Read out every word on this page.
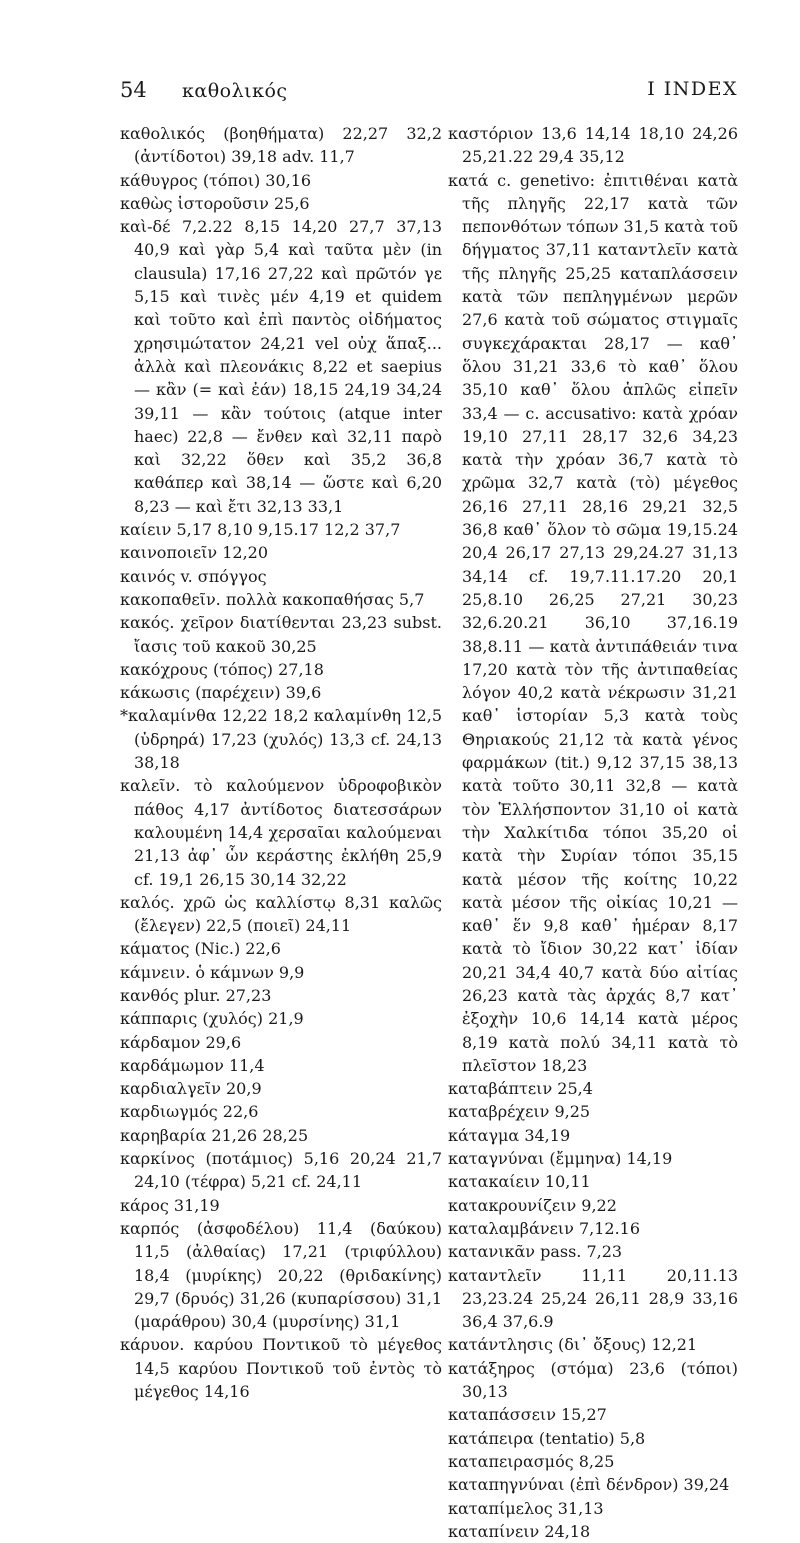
54 καθολικός	I INDEX

καθολικός (βοηθήματα) 22,27 32,2 (ἀντίδοτοι) 39,18 adv. 11,7

κάθυγρος (τόποι) 30,16

καθὼς ἱστοροῦσιν 25,6

καὶ-δέ 7,2.22 8,15 14,20 27,7 37,13 40,9 καὶ γὰρ 5,4 καὶ ταῦτα μὲν (in clausula) 17,16 27,22 καὶ πρῶτόν γε 5,15 καὶ τινὲς μέν 4,19 et quidem καὶ τοῦτο καὶ ἐπὶ παντὸς οἰδήματος χρησιμώτατον 24,21 vel οὐχ ἅπαξ... ἀλλὰ καὶ πλεονάκις 8,22 et saepius — κἂν (= καὶ ἐάν) 18,15 24,19 34,24 39,11 — κἂν τούτοις (atque inter haec) 22,8 — ἔνθεν καὶ 32,11 παρὸ καὶ 32,22 ὅθεν καὶ 35,2 36,8 καθάπερ καὶ 38,14 — ὥστε καὶ 6,20 8,23 — καὶ ἔτι 32,13 33,1

καίειν 5,17 8,10 9,15.17 12,2 37,7

καινοποιεῖν 12,20

καινός v. σπόγγος

κακοπαθεῖν. πολλὰ κακοπαθήσας 5,7

κακός. χεῖρον διατίθενται 23,23 subst. ἴασις τοῦ κακοῦ 30,25

κακόχρους (τόπος) 27,18

κάκωσις (παρέχειν) 39,6

*καλαμίνθα 12,22 18,2 καλαμίνθη 12,5 (ὑδρηρά) 17,23 (χυλός) 13,3 cf. 24,13 38,18

καλεῖν. τὸ καλούμενον ὑδροφοβικὸν πάθος 4,17 ἀντίδοτος διατεσσάρων καλουμένη 14,4 χερσαῖαι καλούμεναι 21,13 ἀφ᾽ ὧν κεράστης ἐκλήθη 25,9 cf. 19,1 26,15 30,14 32,22

καλός. χρῶ ὡς καλλίστῳ 8,31 καλῶς (ἔλεγεν) 22,5 (ποιεῖ) 24,11

κάματος (Nic.) 22,6

κάμνειν. ὁ κάμνων 9,9

κανθός plur. 27,23

κάππαρις (χυλός) 21,9

κάρδαμον 29,6

καρδάμωμον 11,4

καρδιαλγεῖν 20,9

καρδιωγμός 22,6

καρηβαρία 21,26 28,25

καρκίνος (ποτάμιος) 5,16 20,24 21,7 24,10 (τέφρα) 5,21 cf. 24,11

κάρος 31,19

καρπός (ἀσφοδέλου) 11,4 (δαύκου) 11,5 (ἀλθαίας) 17,21 (τριφύλλου) 18,4 (μυρίκης) 20,22 (θριδακίνης) 29,7 (δρυός) 31,26 (κυπαρίσσου) 31,1 (μαράθρου) 30,4 (μυρσίνης) 31,1

κάρυον. καρύου Ποντικοῦ τὸ μέγεθος 14,5 καρύου Ποντικοῦ τοῦ ἐντὸς τὸ μέγεθος 14,16

καστόριον 13,6 14,14 18,10 24,26 25,21.22 29,4 35,12

κατά c. genetivo: ἐπιτιθέναι κατὰ τῆς πληγῆς 22,17 κατὰ τῶν πεπονθότων τόπων 31,5 κατὰ τοῦ δήγματος 37,11 καταντλεῖν κατὰ τῆς πληγῆς 25,25 καταπλάσσειν κατὰ τῶν πεπληγμένων μερῶν 27,6 κατὰ τοῦ σώματος στιγμαῖς συγκεχάρακται 28,17 — καθ᾽ ὅλου 31,21 33,6 τὸ καθ᾽ ὅλου 35,10 καθ᾽ ὅλου ἁπλῶς εἰπεῖν 33,4 — c. accusativo: κατὰ χρόαν 19,10 27,11 28,17 32,6 34,23 κατὰ τὴν χρόαν 36,7 κατὰ τὸ χρῶμα 32,7 κατὰ (τὸ) μέγεθος 26,16 27,11 28,16 29,21 32,5 36,8 καθ᾽ ὅλον τὸ σῶμα 19,15.24 20,4 26,17 27,13 29,24.27 31,13 34,14 cf. 19,7.11.17.20 20,1 25,8.10 26,25 27,21 30,23 32,6.20.21 36,10 37,16.19 38,8.11 — κατὰ ἀντιπάθειάν τινα 17,20 κατὰ τὸν τῆς ἀντιπαθείας λόγον 40,2 κατὰ νέκρωσιν 31,21 καθ᾽ ἱστορίαν 5,3 κατὰ τοὺς Θηριακούς 21,12 τὰ κατὰ γένος φαρμάκων (tit.) 9,12 37,15 38,13 κατὰ τοῦτο 30,11 32,8 — κατὰ τὸν Ἑλλήσποντον 31,10 οἱ κατὰ τὴν Χαλκίτιδα τόποι 35,20 οἱ κατὰ τὴν Συρίαν τόποι 35,15 κατὰ μέσον τῆς κοίτης 10,22 κατὰ μέσον τῆς οἰκίας 10,21 — καθ᾽ ἕν 9,8 καθ᾽ ἡμέραν 8,17 κατὰ τὸ ἴδιον 30,22 κατ᾽ ἰδίαν 20,21 34,4 40,7 κατὰ δύο αἰτίας 26,23 κατὰ τὰς ἀρχάς 8,7 κατ᾽ ἐξοχὴν 10,6 14,14 κατὰ μέρος 8,19 κατὰ πολύ 34,11 κατὰ τὸ πλεῖστον 18,23

καταβάπτειν 25,4

καταβρέχειν 9,25

κάταγμα 34,19

καταγνύναι (ἔμμηνα) 14,19

κατακαίειν 10,11

κατακρουνίζειν 9,22

καταλαμβάνειν 7,12.16

κατανικᾶν pass. 7,23

καταντλεῖν 11,11 20,11.13 23,23.24 25,24 26,11 28,9 33,16 36,4 37,6.9

κατάντλησις (δι᾽ ὄξους) 12,21

κατάξηρος (στόμα) 23,6 (τόποι) 30,13

καταπάσσειν 15,27

κατάπειρα (tentatio) 5,8

καταπειρασμός 8,25

καταπηγνύναι (ἐπὶ δένδρον) 39,24

καταπίμελος 31,13

καταπίνειν 24,18
